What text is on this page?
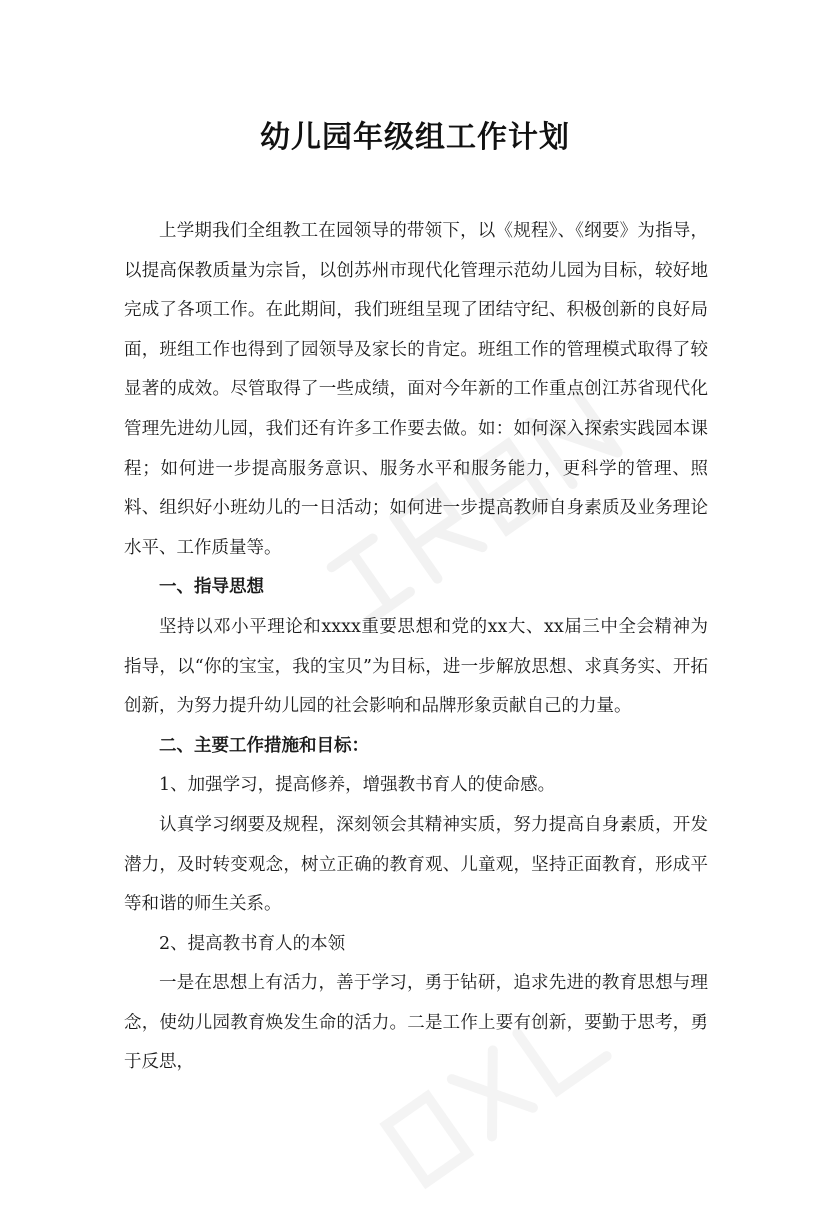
幼儿园年级组工作计划

上学期我们全组教工在园领导的带领下，以《规程》、《纲要》为指导，以提高保教质量为宗旨，以创苏州市现代化管理示范幼儿园为目标，较好地完成了各项工作。在此期间，我们班组呈现了团结守纪、积极创新的良好局面，班组工作也得到了园领导及家长的肯定。班组工作的管理模式取得了较显著的成效。尽管取得了一些成绩，面对今年新的工作重点创江苏省现代化管理先进幼儿园，我们还有许多工作要去做。如：如何深入探索实践园本课程；如何进一步提高服务意识、服务水平和服务能力，更科学的管理、照料、组织好小班幼儿的一日活动；如何进一步提高教师自身素质及业务理论水平、工作质量等。

一、指导思想

坚持以邓小平理论和xxxx重要思想和党的xx大、xx届三中全会精神为指导，以“你的宝宝，我的宝贝”为目标，进一步解放思想、求真务实、开拓创新，为努力提升幼儿园的社会影响和品牌形象贡献自己的力量。

二、主要工作措施和目标：

1、加强学习，提高修养，增强教书育人的使命感。

认真学习纲要及规程，深刻领会其精神实质，努力提高自身素质，开发潜力，及时转变观念，树立正确的教育观、儿童观，坚持正面教育，形成平等和谐的师生关系。

2、提高教书育人的本领

一是在思想上有活力，善于学习，勇于钻研，追求先进的教育思想与理念，使幼儿园教育焕发生命的活力。二是工作上要有创新，要勤于思考，勇于反思，
